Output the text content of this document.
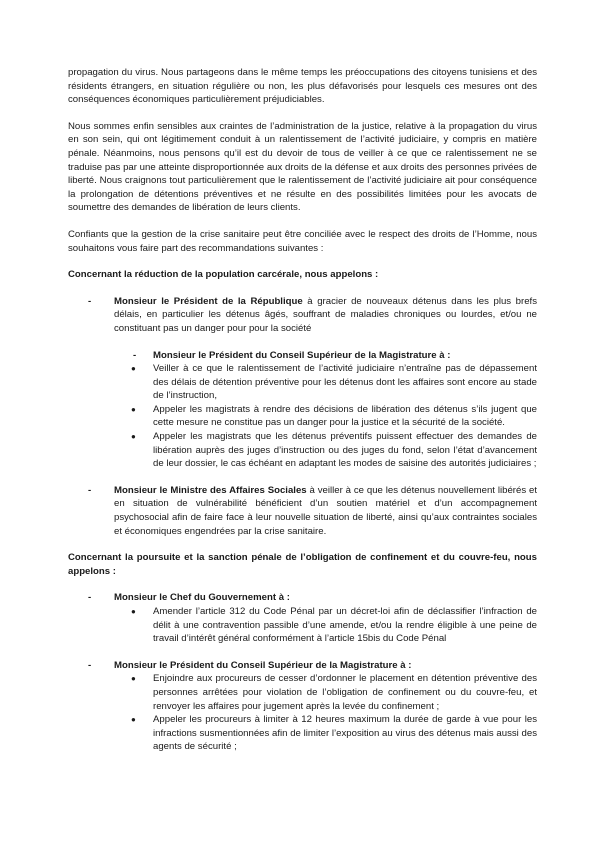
propagation du virus. Nous partageons dans le même temps les préoccupations des citoyens tunisiens et des résidents étrangers, en situation régulière ou non, les plus défavorisés pour lesquels ces mesures ont des conséquences économiques particulièrement préjudiciables.

Nous sommes enfin sensibles aux craintes de l’administration de la justice, relative à la propagation du virus en son sein, qui ont légitimement conduit à un ralentissement de l’activité judiciaire, y compris en matière pénale. Néanmoins, nous pensons qu’il est du devoir de tous de veiller à ce que ce ralentissement ne se traduise pas par une atteinte disproportionnée aux droits de la défense et aux droits des personnes privées de liberté. Nous craignons tout particulièrement que le ralentissement de l’activité judiciaire ait pour conséquence la prolongation de détentions préventives et ne résulte en des possibilités limitées pour les avocats de soumettre des demandes de libération de leurs clients.

Confiants que la gestion de la crise sanitaire peut être conciliée avec le respect des droits de l’Homme, nous souhaitons vous faire part des recommandations suivantes :

Concernant la réduction de la population carcérale, nous appelons :

- Monsieur le Président de la République à gracier de nouveaux détenus dans les plus brefs délais, en particulier les détenus âgés, souffrant de maladies chroniques ou lourdes, et/ou ne constituant pas un danger pour pour la société
- Monsieur le Président du Conseil Supérieur de la Magistrature à :
● Veiller à ce que le ralentissement de l’activité judiciaire n’entraîne pas de dépassement des délais de détention préventive pour les détenus dont les affaires sont encore au stade de l’instruction,
● Appeler les magistrats à rendre des décisions de libération des détenus s’ils jugent que cette mesure ne constitue pas un danger pour la justice et la sécurité de la société.
● Appeler les magistrats que les détenus préventifs puissent effectuer des demandes de libération auprès des juges d’instruction ou des juges du fond, selon l’état d’avancement de leur dossier, le cas échéant en adaptant les modes de saisine des autorités judiciaires ;
- Monsieur le Ministre des Affaires Sociales à veiller à ce que les détenus nouvellement libérés et en situation de vulnérabilité bénéficient d’un soutien matériel et d’un accompagnement psychosocial afin de faire face à leur nouvelle situation de liberté, ainsi qu’aux contraintes sociales et économiques engendrées par la crise sanitaire.

Concernant la poursuite et la sanction pénale de l’obligation de confinement et du couvre-feu, nous appelons :

- Monsieur le Chef du Gouvernement à :
● Amender l’article 312 du Code Pénal par un décret-loi afin de déclassifier l’infraction de délit à une contravention passible d’une amende, et/ou la rendre éligible à une peine de travail d’intérêt général conformément à l’article 15bis du Code Pénal
- Monsieur le Président du Conseil Supérieur de la Magistrature à :
● Enjoindre aux procureurs de cesser d’ordonner le placement en détention préventive des personnes arrêtées pour violation de l’obligation de confinement ou du couvre-feu, et renvoyer les affaires pour jugement après la levée du confinement ;
● Appeler les procureurs à limiter à 12 heures maximum la durée de garde à vue pour les infractions susmentionnées afin de limiter l’exposition au virus des détenus mais aussi des agents de sécurité ;
